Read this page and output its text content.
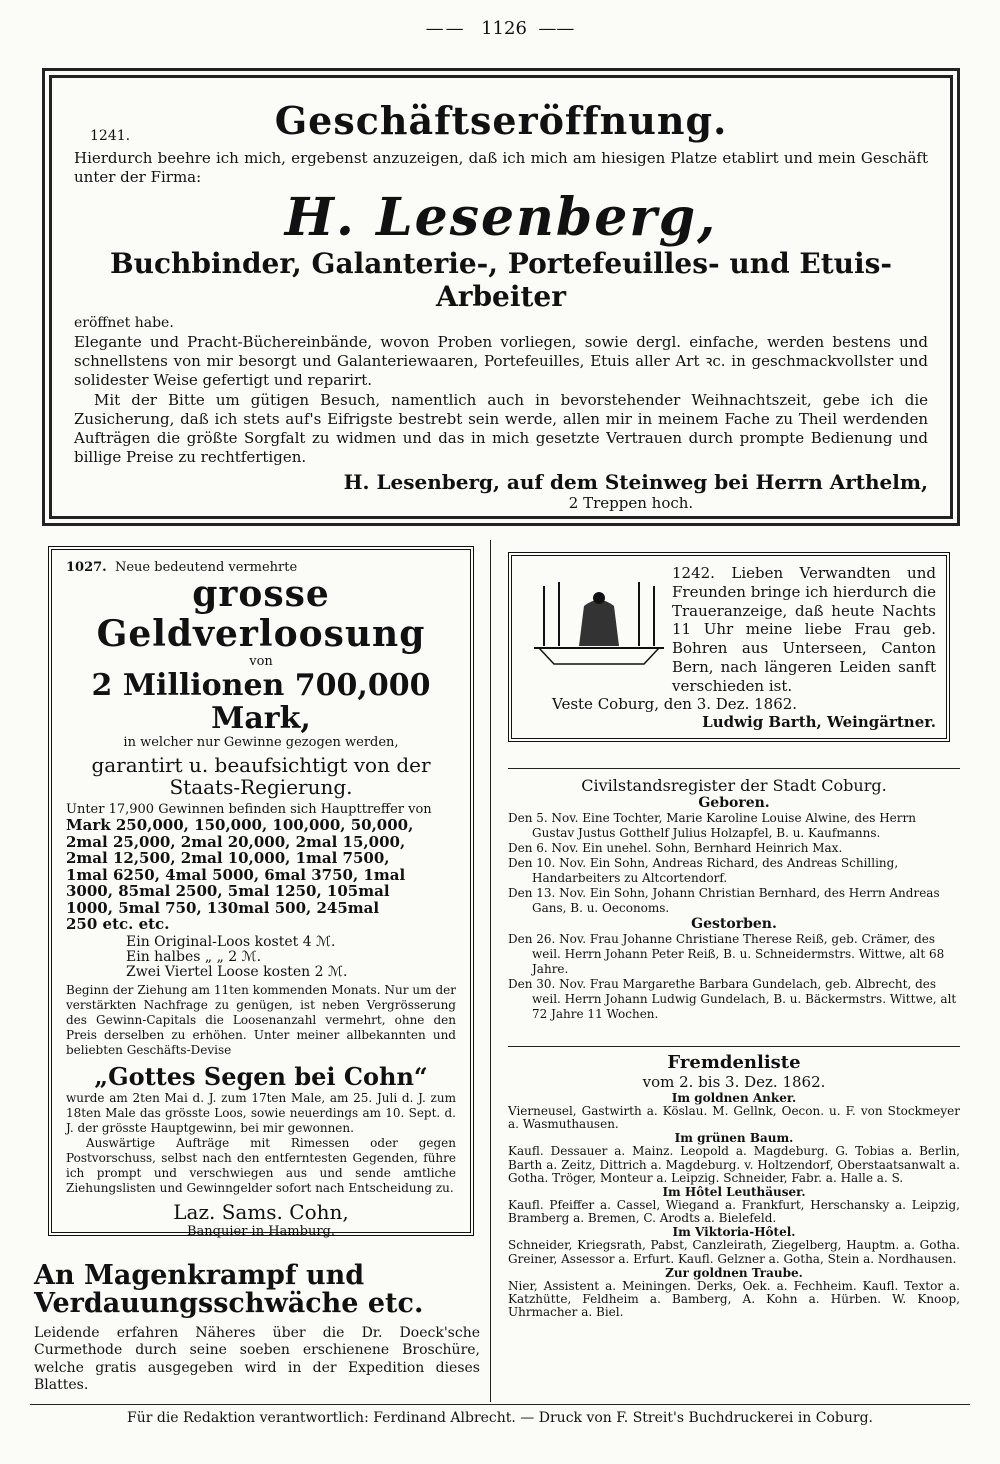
——  1126  ——
1241.	Geschäftseröffnung.
Hierdurch beehre ich mich, ergebenst anzuzeigen, daß ich mich am hiesigen Platze etablirt und mein Geschäft unter der Firma:
H. Lesenberg,
Buchbinder, Galanterie-, Portefeuilles- und Etuis-Arbeiter
eröffnet habe.
Elegante und Pracht-Büchereinbände, wovon Proben vorliegen, sowie dergl. einfache, werden bestens und schnellstens von mir besorgt und Galanteriewaaren, Portefeuilles, Etuis aller Art ꝛc. in geschmackvollster und solidester Weise gefertigt und reparirt.
Mit der Bitte um gütigen Besuch, namentlich auch in bevorstehender Weihnachtszeit, gebe ich die Zusicherung, daß ich stets auf's Eifrigste bestrebt sein werde, allen mir in meinem Fache zu Theil werdenden Aufträgen die größte Sorgfalt zu widmen und das in mich gesetzte Vertrauen durch prompte Bedienung und billige Preise zu rechtfertigen.
H. Lesenberg, auf dem Steinweg bei Herrn Arthelm,
2 Treppen hoch.
1027. Neue bedeutend vermehrte
grosse Geldverloosung
von
2 Millionen 700,000 Mark,
in welcher nur Gewinne gezogen werden,
garantirt u. beaufsichtigt von der Staats-Regierung.
Unter 17,900 Gewinnen befinden sich Haupttreffer von
Mark 250,000, 150,000, 100,000, 50,000,
2mal 25,000, 2mal 20,000, 2mal 15,000,
2mal 12,500, 2mal 10,000, 1mal 7500,
1mal 6250, 4mal 5000, 6mal 3750, 1mal
3000, 85mal 2500, 5mal 1250, 105mal
1000, 5mal 750, 130mal 500, 245mal
250 etc. etc.
Ein Original-Loos kostet 4 ℳ.
Ein halbes „ „ 2 ℳ.
Zwei Viertel Loose kosten 2 ℳ.
Beginn der Ziehung am 11ten kommenden Monats. Nur um der verstärkten Nachfrage zu genügen, ist neben Vergrösserung des Gewinn-Capitals die Loosenanzahl vermehrt, ohne den Preis derselben zu erhöhen. Unter meiner allbekannten und beliebten Geschäfts-Devise
„Gottes Segen bei Cohn“
wurde am 2ten Mai d. J. zum 17ten Male, am 25. Juli d. J. zum 18ten Male das grösste Loos, sowie neuerdings am 10. Sept. d. J. der grösste Hauptgewinn, bei mir gewonnen.
Auswärtige Aufträge mit Rimessen oder gegen Postvorschuss, selbst nach den entferntesten Gegenden, führe ich prompt und verschwiegen aus und sende amtliche Ziehungslisten und Gewinngelder sofort nach Entscheidung zu.
Laz. Sams. Cohn,
Banquier in Hamburg.
An Magenkrampf und Verdauungsschwäche etc.
Leidende erfahren Näheres über die Dr. Doeck'sche Curmethode durch seine soeben erschienene Broschüre, welche gratis ausgegeben wird in der Expedition dieses Blattes.
1242. Lieben Verwandten und Freunden bringe ich hierdurch die Traueranzeige, daß heute Nachts 11 Uhr meine liebe Frau geb. Bohren aus Unterseen, Canton Bern, nach längeren Leiden sanft verschieden ist.
Veste Coburg, den 3. Dez. 1862.
Ludwig Barth, Weingärtner.
Civilstandsregister der Stadt Coburg.
Geboren.
Den 5. Nov. Eine Tochter, Marie Karoline Louise Alwine, des Herrn Gustav Justus Gotthelf Julius Holzapfel, B. u. Kaufmanns.
Den 6. Nov. Ein unehel. Sohn, Bernhard Heinrich Max.
Den 10. Nov. Ein Sohn, Andreas Richard, des Andreas Schilling, Handarbeiters zu Altcortendorf.
Den 13. Nov. Ein Sohn, Johann Christian Bernhard, des Herrn Andreas Gans, B. u. Oeconoms.
Gestorben.
Den 26. Nov. Frau Johanne Christiane Therese Reiß, geb. Crämer, des weil. Herrn Johann Peter Reiß, B. u. Schneidermstrs. Wittwe, alt 68 Jahre.
Den 30. Nov. Frau Margarethe Barbara Gundelach, geb. Albrecht, des weil. Herrn Johann Ludwig Gundelach, B. u. Bäckermstrs. Wittwe, alt 72 Jahre 11 Wochen.
Fremdenliste
vom 2. bis 3. Dez. 1862.
Im goldnen Anker.
Vierneusel, Gastwirth a. Köslau. M. Gellnk, Oecon. u. F. von Stockmeyer a. Wasmuthausen.
Im grünen Baum.
Kaufl. Dessauer a. Mainz. Leopold a. Magdeburg. G. Tobias a. Berlin, Barth a. Zeitz, Dittrich a. Magdeburg. v. Holtzendorf, Oberstaatsanwalt a. Gotha. Tröger, Monteur a. Leipzig. Schneider, Fabr. a. Halle a. S.
Im Hôtel Leuthäuser.
Kaufl. Pfeiffer a. Cassel, Wiegand a. Frankfurt, Herschansky a. Leipzig, Bramberg a. Bremen, C. Arodts a. Bielefeld.
Im Viktoria-Hôtel.
Schneider, Kriegsrath, Pabst, Canzleirath, Ziegelberg, Hauptm. a. Gotha. Greiner, Assessor a. Erfurt. Kaufl. Gelzner a. Gotha, Stein a. Nordhausen.
Zur goldnen Traube.
Nier, Assistent a. Meiningen. Derks, Oek. a. Fechheim. Kaufl. Textor a. Katzhütte, Feldheim a. Bamberg, A. Kohn a. Hürben. W. Knoop, Uhrmacher a. Biel.
Für die Redaktion verantwortlich: Ferdinand Albrecht. — Druck von F. Streit's Buchdruckerei in Coburg.
